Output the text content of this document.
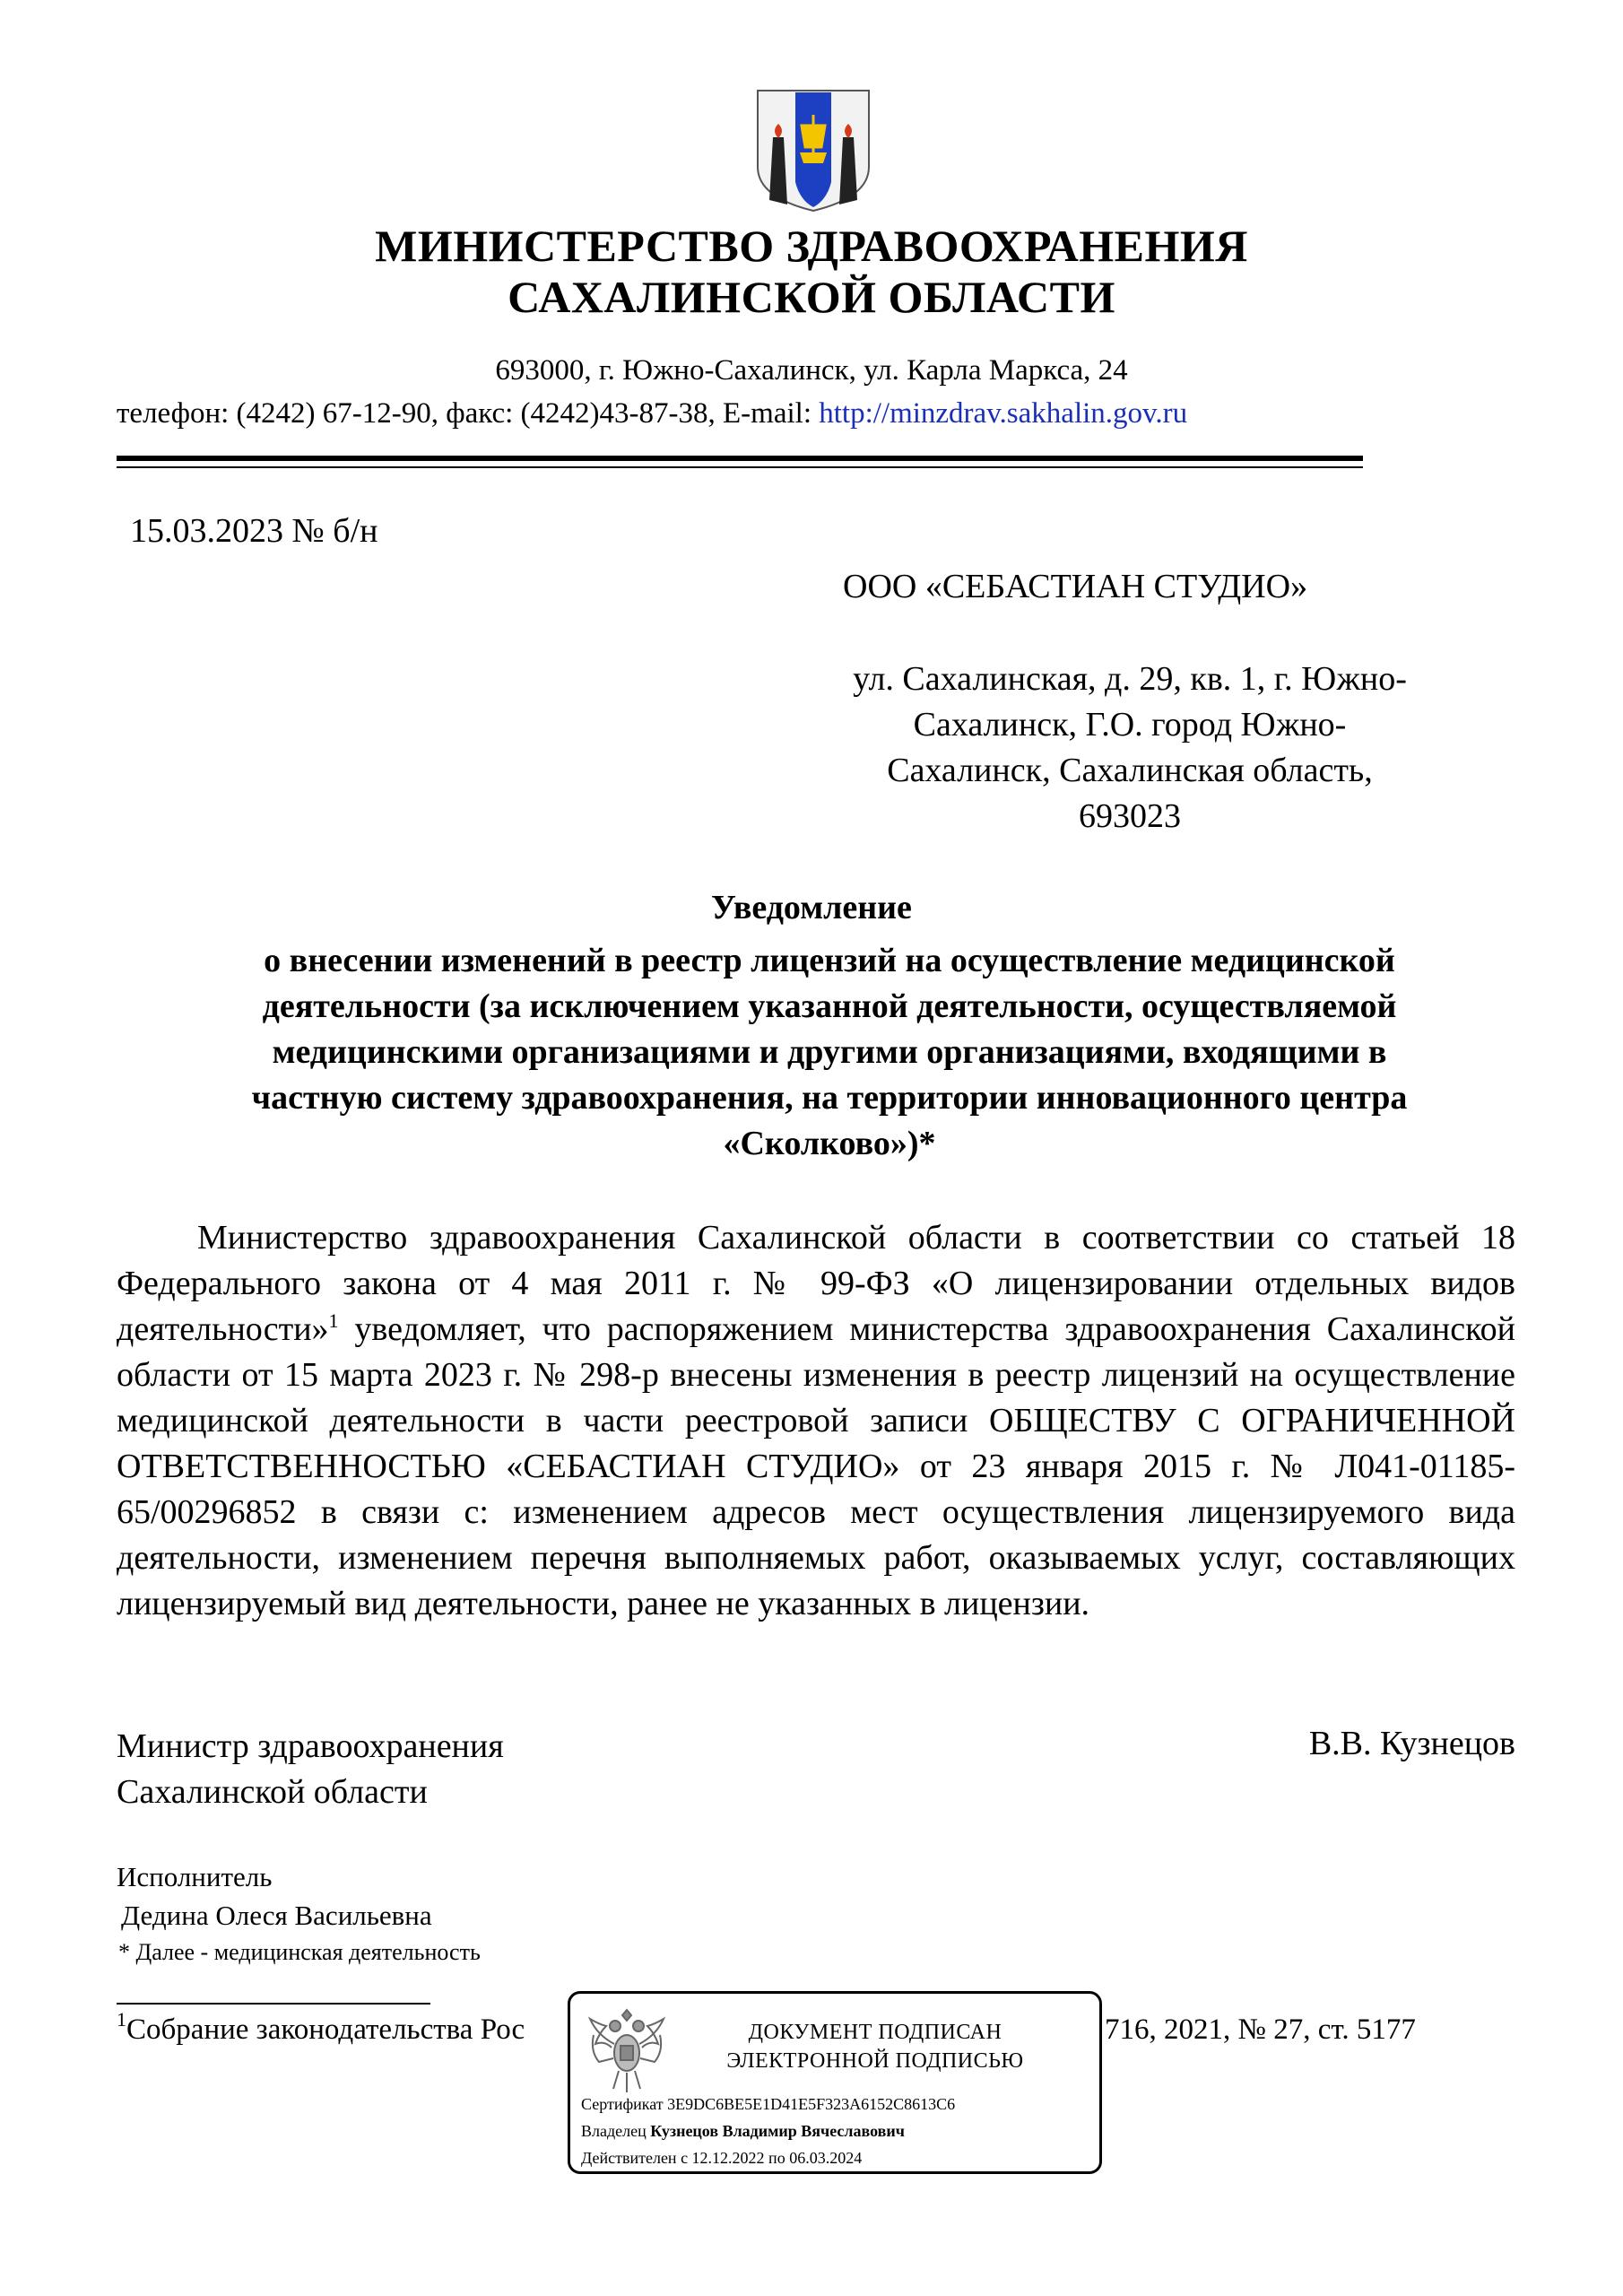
МИНИСТЕРСТВО ЗДРАВООХРАНЕНИЯ
САХАЛИНСКОЙ ОБЛАСТИ
693000, г. Южно-Сахалинск, ул. Карла Маркса, 24
телефон: (4242) 67-12-90, факс: (4242)43-87-38, E-mail: http://minzdrav.sakhalin.gov.ru
15.03.2023 № б/н
ООО «СЕБАСТИАН СТУДИО»
ул. Сахалинская, д. 29, кв. 1, г. Южно-
Сахалинск, Г.О. город Южно-
Сахалинск, Сахалинская область,
693023
Уведомление
о внесении изменений в реестр лицензий на осуществление медицинской
деятельности (за исключением указанной деятельности, осуществляемой
медицинскими организациями и другими организациями, входящими в
частную систему здравоохранения, на территории инновационного центра
«Сколково»)*
Министерство здравоохранения Сахалинской области в соответствии со статьей 18 Федерального закона от 4 мая 2011 г. № 99-ФЗ «О лицензировании отдельных видов деятельности»$^1$ уведомляет, что распоряжением министерства здравоохранения Сахалинской области от 15 марта 2023 г. № 298-р внесены изменения в реестр лицензий на осуществление медицинской деятельности в части реестровой записи ОБЩЕСТВУ С ОГРАНИЧЕННОЙ ОТВЕТСТВЕННОСТЬЮ «СЕБАСТИАН СТУДИО» от 23 января 2015 г. № Л041-01185-65/00296852 в связи с: изменением адресов мест осуществления лицензируемого вида деятельности, изменением перечня выполняемых работ, оказываемых услуг, составляющих лицензируемый вид деятельности, ранее не указанных в лицензии.
Министр здравоохранения
Сахалинской области
В.В. Кузнецов
Исполнитель
Дедина Олеся Васильевна
* Далее - медицинская деятельность
$^1$Собрание законодательства Рос	716, 2021, № 27, ст. 5177
ДОКУМЕНТ ПОДПИСАН
ЭЛЕКТРОННОЙ ПОДПИСЬЮ
Сертификат 3E9DC6BE5E1D41E5F323A6152C8613C6
Владелец Кузнецов Владимир Вячеславович
Действителен с 12.12.2022 по 06.03.2024
